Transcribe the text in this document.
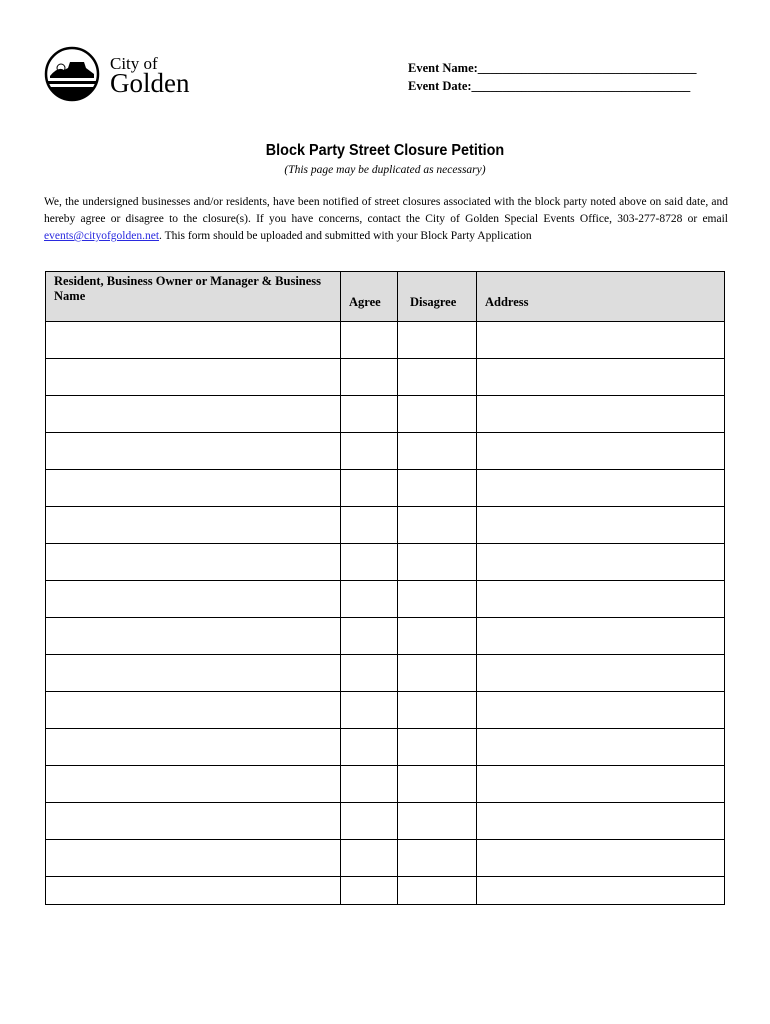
City of
Golden	Event Name:___________________________________
Event Date:___________________________________
Block Party Street Closure Petition
(This page may be duplicated as necessary)
We, the undersigned businesses and/or residents, have been notified of street closures associated with the block party noted above on said date, and hereby agree or disagree to the closure(s). If you have concerns, contact the City of Golden Special Events Office, 303-277-8728 or email events@cityofgolden.net. This form should be uploaded and submitted with your Block Party Application
Resident, Business Owner or Manager & Business Name	Agree	Disagree	Address
